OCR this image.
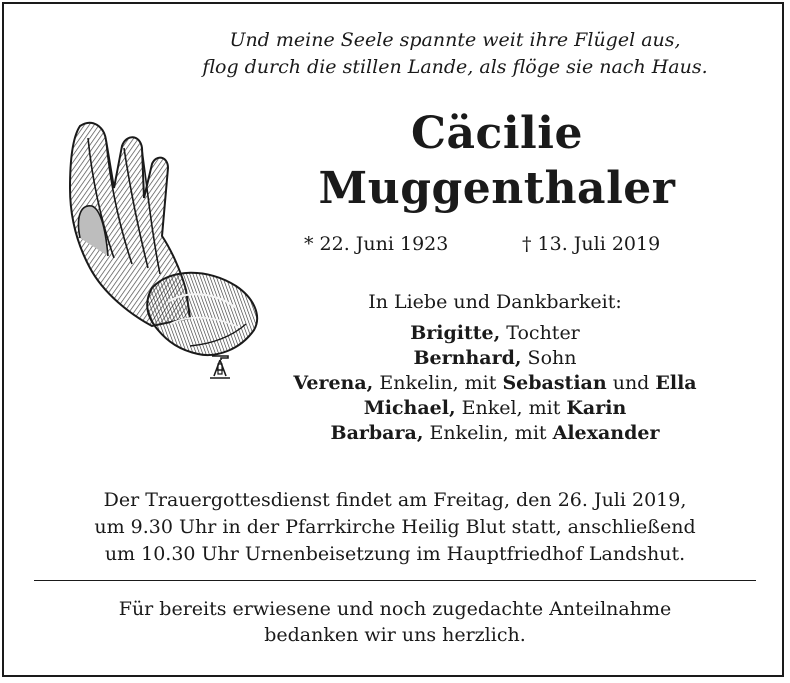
Und meine Seele spannte weit ihre Flügel aus,
flog durch die stillen Lande, als flöge sie nach Haus.
Cäcilie
Muggenthaler
* 22. Juni 1923	† 13. Juli 2019
In Liebe und Dankbarkeit:
Brigitte, Tochter
Bernhard, Sohn
Verena, Enkelin, mit Sebastian und Ella
Michael, Enkel, mit Karin
Barbara, Enkelin, mit Alexander
Der Trauergottesdienst findet am Freitag, den 26. Juli 2019,
um 9.30 Uhr in der Pfarrkirche Heilig Blut statt, anschließend
um 10.30 Uhr Urnenbeisetzung im Hauptfriedhof Landshut.
Für bereits erwiesene und noch zugedachte Anteilnahme
bedanken wir uns herzlich.
